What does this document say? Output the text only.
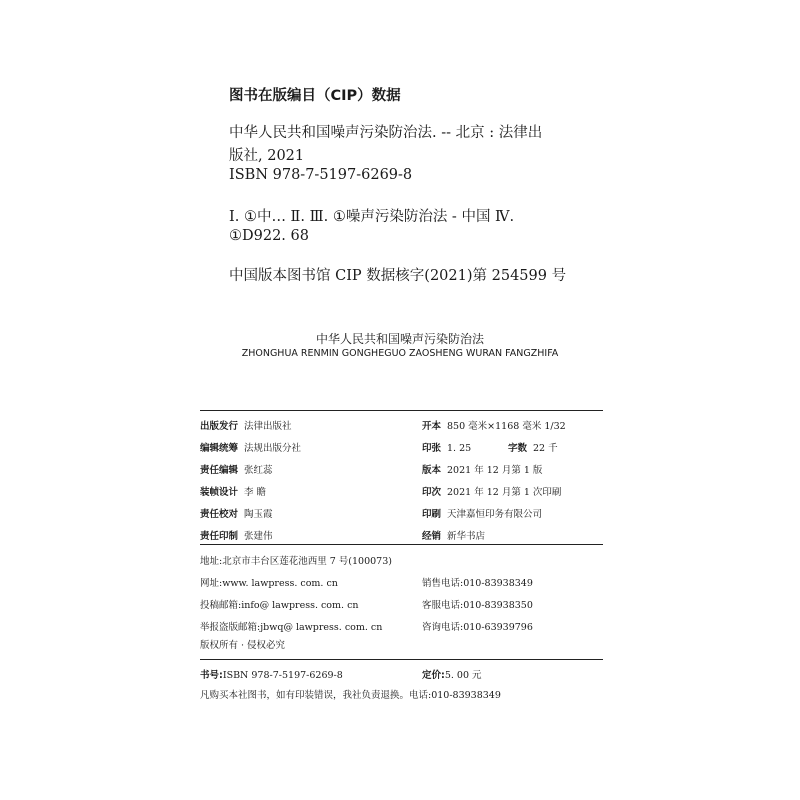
图书在版编目（CIP）数据
中华人民共和国噪声污染防治法. -- 北京 : 法律出
版社, 2021
ISBN 978-7-5197-6269-8
Ⅰ. ①中… Ⅱ. Ⅲ. ①噪声污染防治法 - 中国 Ⅳ.
①D922. 68
中国版本图书馆 CIP 数据核字(2021)第 254599 号
中华人民共和国噪声污染防治法
ZHONGHUA RENMIN GONGHEGUO ZAOSHENG WURAN FANGZHIFA
出版发行 法律出版社
编辑统筹 法规出版分社
责任编辑 张红蕊
装帧设计 李 瞻
责任校对 陶玉霞
责任印制 张建伟
开本 850 毫米×1168 毫米 1/32
印张 1. 25	字数 22 千
版本 2021 年 12 月第 1 版
印次 2021 年 12 月第 1 次印刷
印刷 天津嘉恒印务有限公司
经销 新华书店
地址:北京市丰台区莲花池西里 7 号(100073)
网址:www. lawpress. com. cn
投稿邮箱:info@ lawpress. com. cn
举报盗版邮箱:jbwq@ lawpress. com. cn
版权所有 · 侵权必究
销售电话:010-83938349
客服电话:010-83938350
咨询电话:010-63939796
书号:ISBN 978-7-5197-6269-8	定价:5. 00 元
凡购买本社图书，如有印装错误，我社负责退换。电话:010-83938349
